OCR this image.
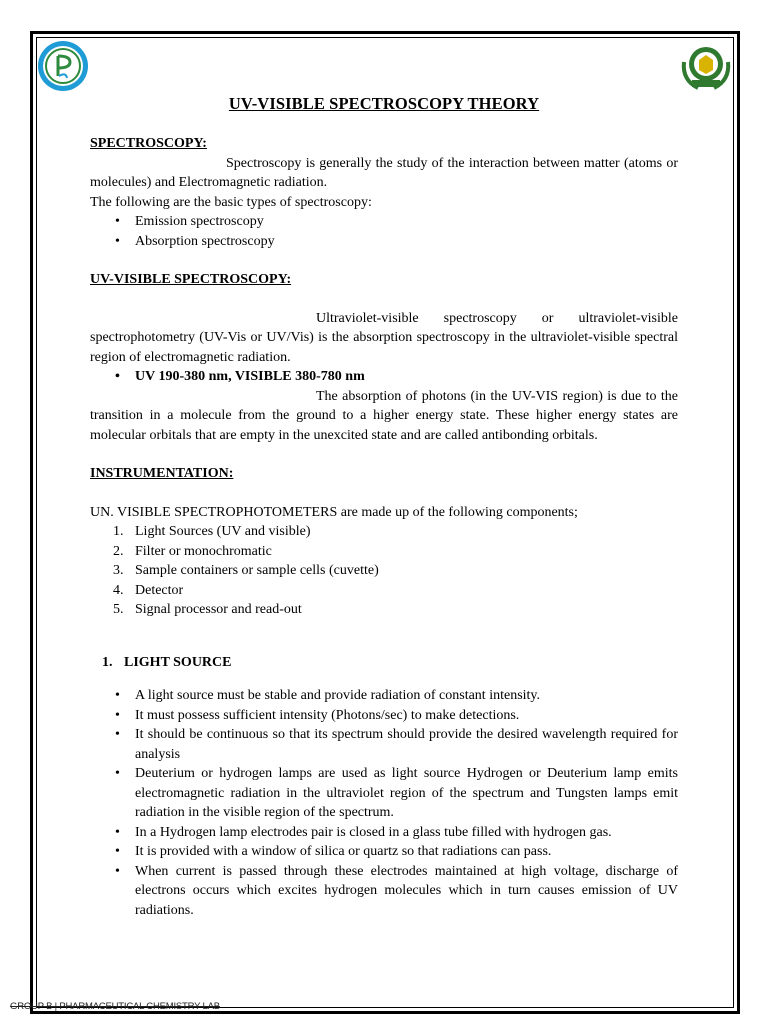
UV-VISIBLE SPECTROSCOPY THEORY

SPECTROSCOPY:

Spectroscopy is generally the study of the interaction between matter (atoms or molecules) and Electromagnetic radiation.

The following are the basic types of spectroscopy:

• Emission spectroscopy
• Absorption spectroscopy

UV-VISIBLE SPECTROSCOPY:

Ultraviolet-visible spectroscopy or ultraviolet-visible spectrophotometry (UV-Vis or UV/Vis) is the absorption spectroscopy in the ultraviolet-visible spectral region of electromagnetic radiation.

• UV 190-380 nm, VISIBLE 380-780 nm

The absorption of photons (in the UV-VIS region) is due to the transition in a molecule from the ground to a higher energy state. These higher energy states are molecular orbitals that are empty in the unexcited state and are called antibonding orbitals.

INSTRUMENTATION:

UN. VISIBLE SPECTROPHOTOMETERS are made up of the following components;

1. Light Sources (UV and visible)
2. Filter or monochromatic
3. Sample containers or sample cells (cuvette)
4. Detector
5. Signal processor and read-out

1. LIGHT SOURCE

• A light source must be stable and provide radiation of constant intensity.
• It must possess sufficient intensity (Photons/sec) to make detections.
• It should be continuous so that its spectrum should provide the desired wavelength required for analysis
• Deuterium or hydrogen lamps are used as light source Hydrogen or Deuterium lamp emits electromagnetic radiation in the ultraviolet region of the spectrum and Tungsten lamps emit radiation in the visible region of the spectrum.
• In a Hydrogen lamp electrodes pair is closed in a glass tube filled with hydrogen gas.
• It is provided with a window of silica or quartz so that radiations can pass.
• When current is passed through these electrodes maintained at high voltage, discharge of electrons occurs which excites hydrogen molecules which in turn causes emission of UV radiations.
GROUP B | PHARMACEUTICAL CHEMISTRY LAB
